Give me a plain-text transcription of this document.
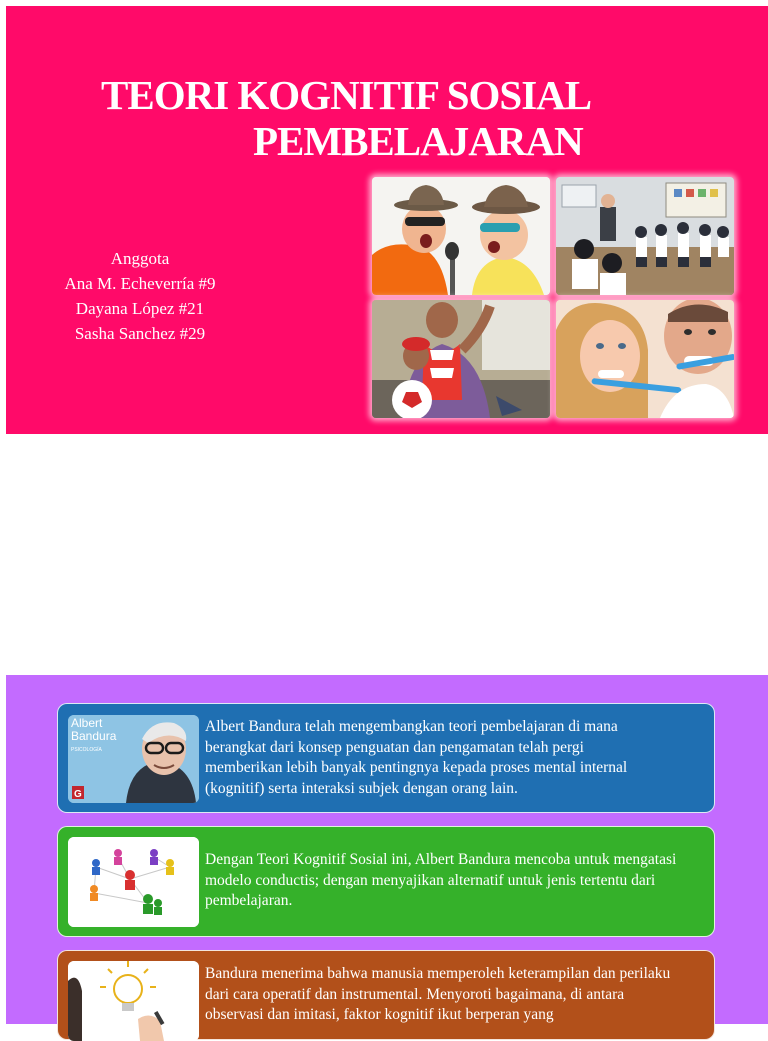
TEORI KOGNITIF SOSIAL
PEMBELAJARAN
Anggota
Ana M. Echeverría #9
Dayana López #21
Sasha Sanchez #29
Albert
Bandura
PSICOLOGÍA
G
Albert Bandura telah mengembangkan teori pembelajaran di mana
berangkat dari konsep penguatan dan pengamatan telah pergi
memberikan lebih banyak pentingnya kepada proses mental internal
(kognitif) serta interaksi subjek dengan orang lain.
Dengan Teori Kognitif Sosial ini, Albert Bandura mencoba untuk mengatasi
modelo conductis; dengan menyajikan alternatif untuk jenis tertentu dari
pembelajaran.
Bandura menerima bahwa manusia memperoleh keterampilan dan perilaku
dari cara operatif dan instrumental. Menyoroti bagaimana, di antara
observasi dan imitasi, faktor kognitif ikut berperan yang
